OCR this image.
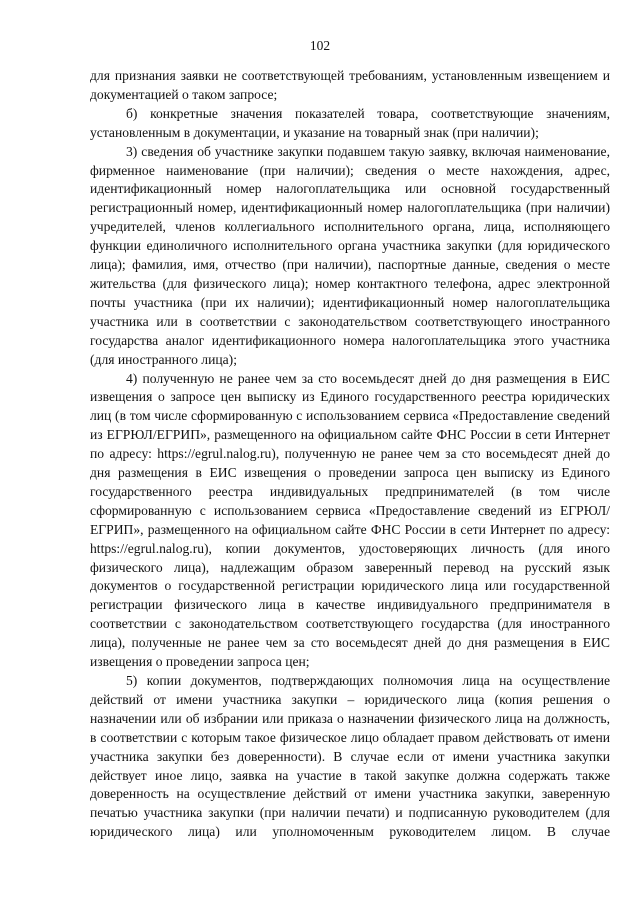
102

для признания заявки не соответствующей требованиям, установленным извещением и документацией о таком запросе;

б) конкретные значения показателей товара, соответствующие значениям, установленным в документации, и указание на товарный знак (при наличии);

3) сведения об участнике закупки подавшем такую заявку, включая наименование, фирменное наименование (при наличии); сведения о месте нахождения, адрес, идентификационный номер налогоплательщика или основной государственный регистрационный номер, идентификационный номер налогоплательщика (при наличии) учредителей, членов коллегиального исполнительного органа, лица, исполняющего функции единоличного исполнительного органа участника закупки (для юридического лица); фамилия, имя, отчество (при наличии), паспортные данные, сведения о месте жительства (для физического лица); номер контактного телефона, адрес электронной почты участника (при их наличии); идентификационный номер налогоплательщика участника или в соответствии с законодательством соответствующего иностранного государства аналог идентификационного номера налогоплательщика этого участника (для иностранного лица);

4) полученную не ранее чем за сто восемьдесят дней до дня размещения в ЕИС извещения о запросе цен выписку из Единого государственного реестра юридических лиц (в том числе сформированную с использованием сервиса «Предоставление сведений из ЕГРЮЛ/ЕГРИП», размещенного на официальном сайте ФНС России в сети Интернет по адресу: https://egrul.nalog.ru), полученную не ранее чем за сто восемьдесят дней до дня размещения в ЕИС извещения о проведении запроса цен выписку из Единого государственного реестра индивидуальных предпринимателей (в том числе сформированную с использованием сервиса «Предоставление сведений из ЕГРЮЛ/ЕГРИП», размещенного на официальном сайте ФНС России в сети Интернет по адресу: https://egrul.nalog.ru), копии документов, удостоверяющих личность (для иного физического лица), надлежащим образом заверенный перевод на русский язык документов о государственной регистрации юридического лица или государственной регистрации физического лица в качестве индивидуального предпринимателя в соответствии с законодательством соответствующего государства (для иностранного лица), полученные не ранее чем за сто восемьдесят дней до дня размещения в ЕИС извещения о проведении запроса цен;

5) копии документов, подтверждающих полномочия лица на осуществление действий от имени участника закупки – юридического лица (копия решения о назначении или об избрании или приказа о назначении физического лица на должность, в соответствии с которым такое физическое лицо обладает правом действовать от имени участника закупки без доверенности). В случае если от имени участника закупки действует иное лицо, заявка на участие в такой закупке должна содержать также доверенность на осуществление действий от имени участника закупки, заверенную печатью участника закупки (при наличии печати) и подписанную руководителем (для юридического лица) или уполномоченным руководителем лицом. В случае
